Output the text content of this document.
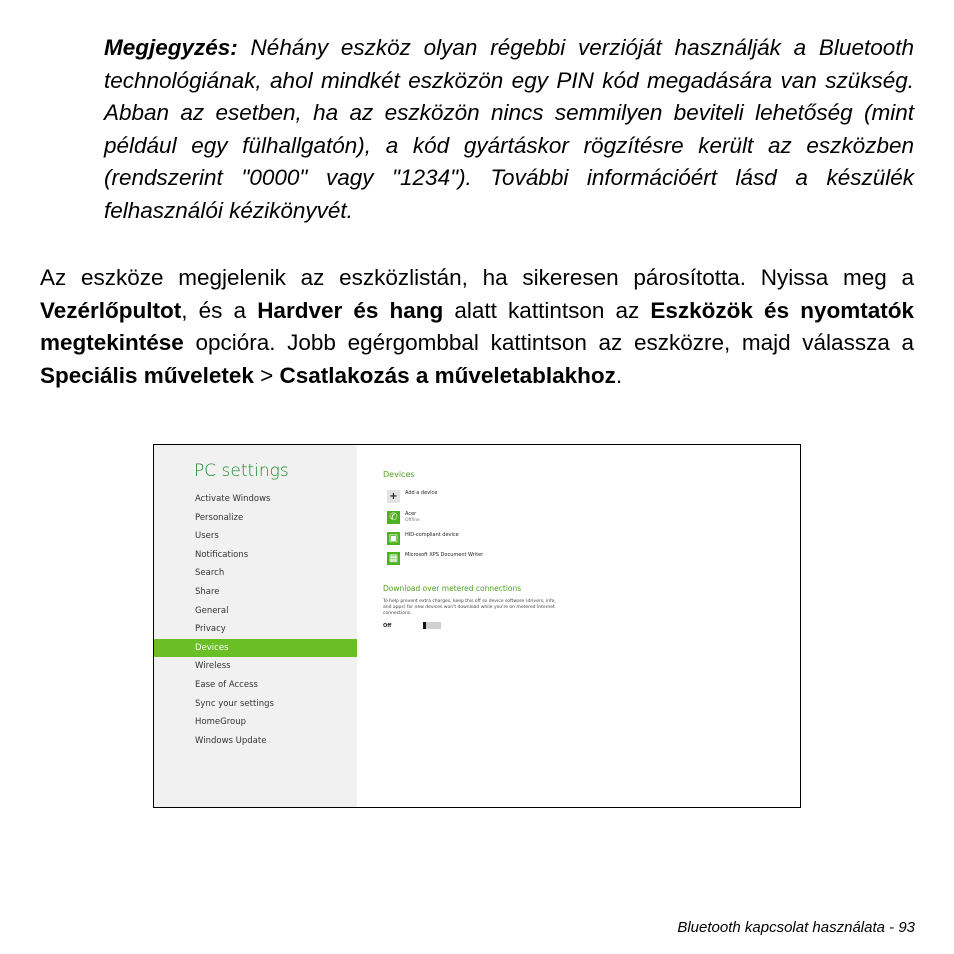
Megjegyzés: Néhány eszköz olyan régebbi verzióját használják a Bluetooth technológiának, ahol mindkét eszközön egy PIN kód megadására van szükség. Abban az esetben, ha az eszközön nincs semmilyen beviteli lehetőség (mint például egy fülhallgatón), a kód gyártáskor rögzítésre került az eszközben (rendszerint "0000" vagy "1234"). További információért lásd a készülék felhasználói kézikönyvét.
Az eszköze megjelenik az eszközlistán, ha sikeresen párosította. Nyissa meg a Vezérlőpultot, és a Hardver és hang alatt kattintson az Eszközök és nyomtatók megtekintése opcióra. Jobb egérgombbal kattintson az eszközre, majd válassza a Speciális műveletek > Csatlakozás a műveletablakhoz.
PC settings
Activate Windows
Personalize
Users
Notifications
Search
Share
General
Privacy
Devices
Wireless
Ease of Access
Sync your settings
HomeGroup
Windows Update
Devices
+	Add a device
✆	Acer
Offline
▣	HID-compliant device
▦	Microsoft XPS Document Writer
Download over metered connections
To help prevent extra charges, keep this off so device software (drivers, info, and apps) for new devices won't download while you're on metered Internet connections.
Off
Bluetooth kapcsolat használata - 93
